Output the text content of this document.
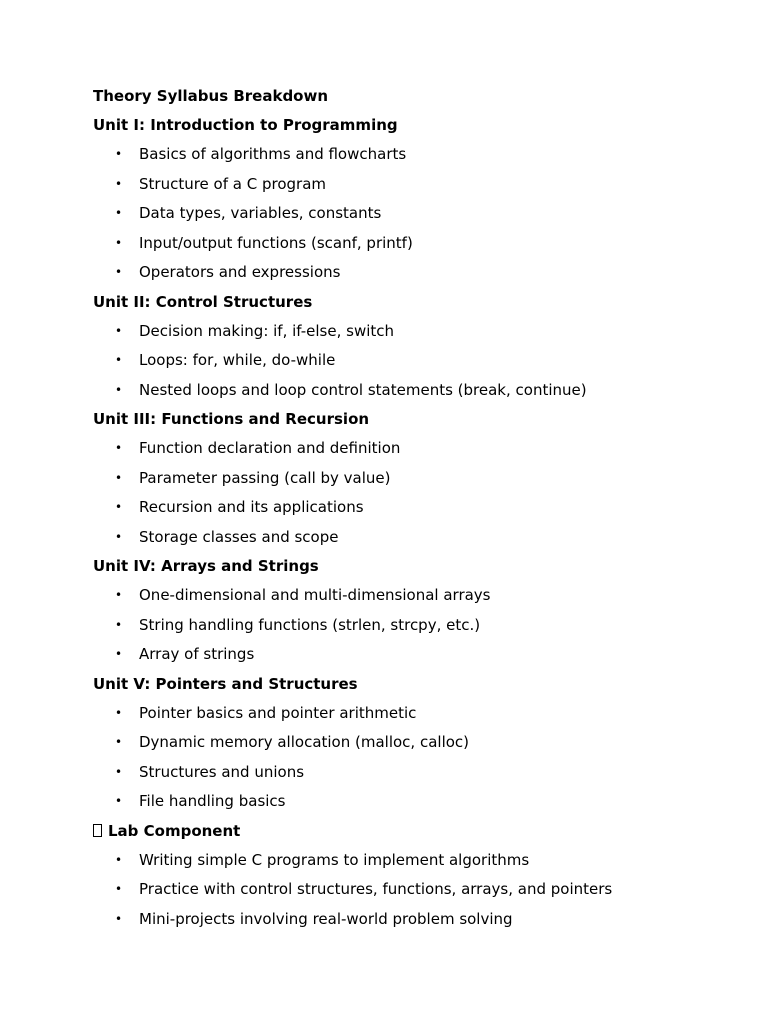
Theory Syllabus Breakdown
Unit I: Introduction to Programming
• Basics of algorithms and flowcharts
• Structure of a C program
• Data types, variables, constants
• Input/output functions (scanf, printf)
• Operators and expressions
Unit II: Control Structures
• Decision making: if, if-else, switch
• Loops: for, while, do-while
• Nested loops and loop control statements (break, continue)
Unit III: Functions and Recursion
• Function declaration and definition
• Parameter passing (call by value)
• Recursion and its applications
• Storage classes and scope
Unit IV: Arrays and Strings
• One-dimensional and multi-dimensional arrays
• String handling functions (strlen, strcpy, etc.)
• Array of strings
Unit V: Pointers and Structures
• Pointer basics and pointer arithmetic
• Dynamic memory allocation (malloc, calloc)
• Structures and unions
• File handling basics
Lab Component
• Writing simple C programs to implement algorithms
• Practice with control structures, functions, arrays, and pointers
• Mini-projects involving real-world problem solving
